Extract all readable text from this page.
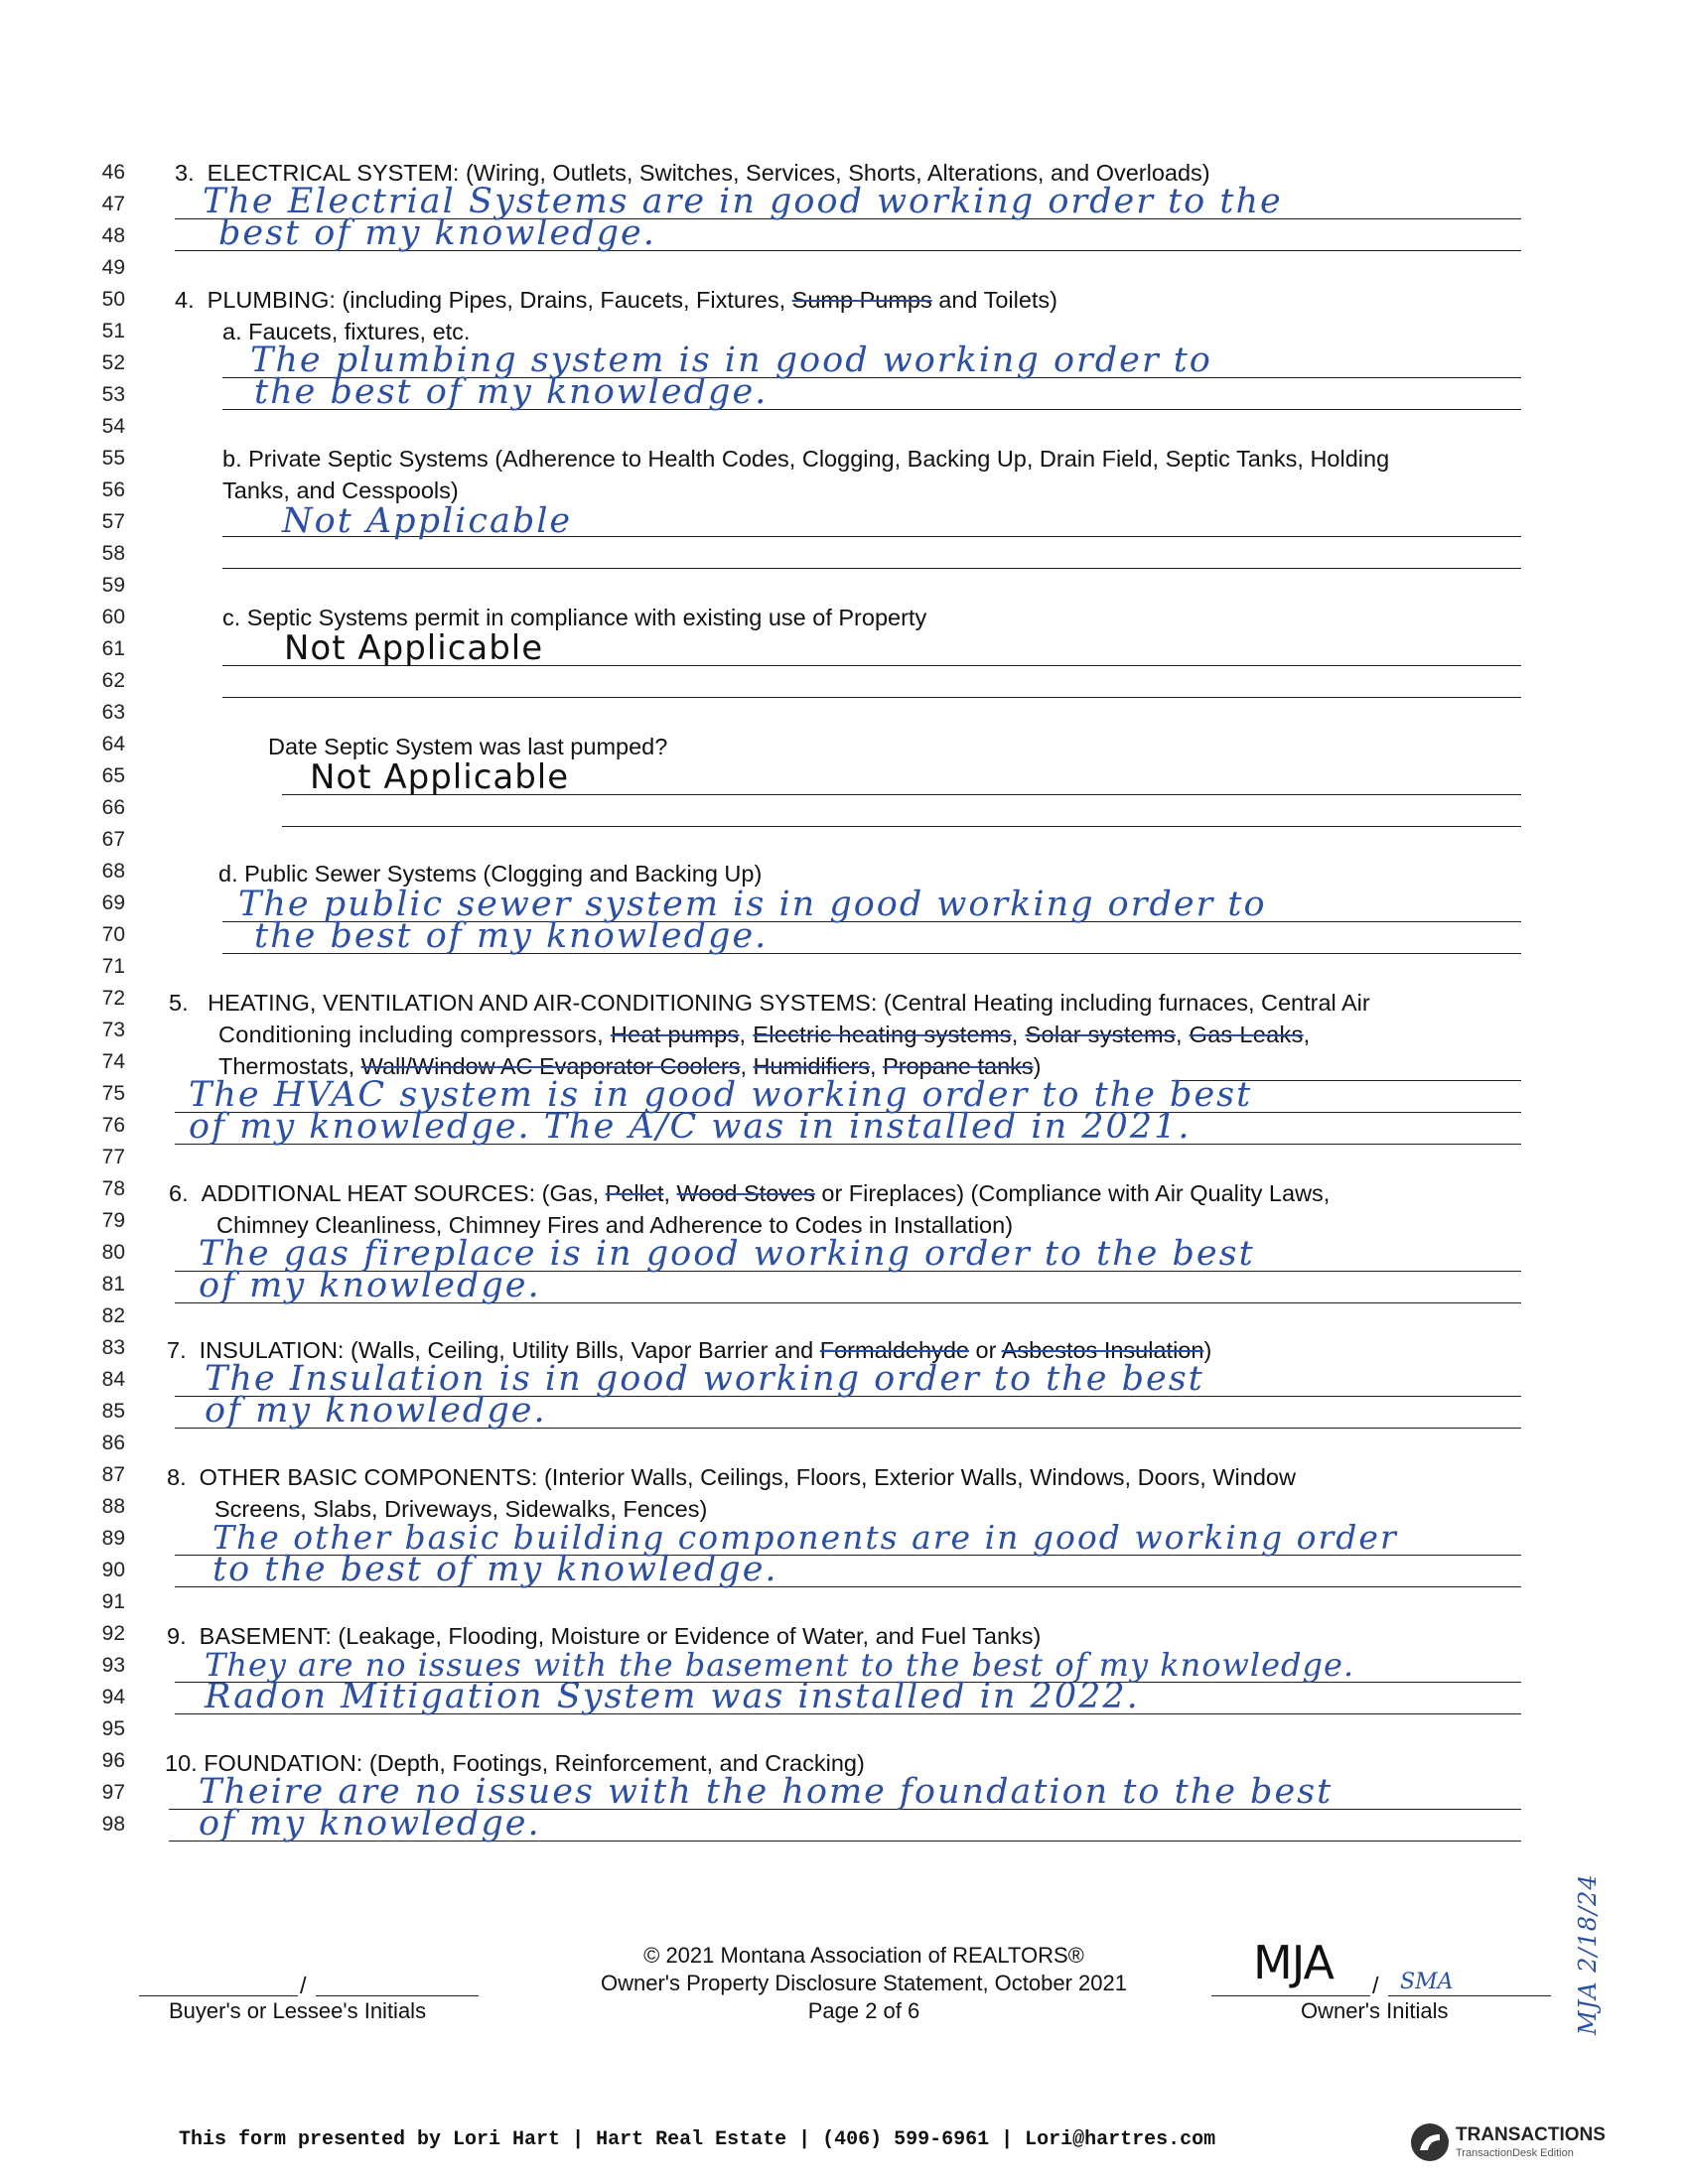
46
47
48
49
50
51
52
53
54
55
56
57
58
59
60
61
62
63
64
65
66
67
68
69
70
71
72
73
74
75
76
77
78
79
80
81
82
83
84
85
86
87
88
89
90
91
92
93
94
95
96
97
98
3.  ELECTRICAL SYSTEM: (Wiring, Outlets, Switches, Services, Shorts, Alterations, and Overloads)
The Electrial Systems are in good working order to the
best of my knowledge.
4.  PLUMBING: (including Pipes, Drains, Faucets, Fixtures, Sump Pumps and Toilets)
a. Faucets, fixtures, etc.
The plumbing system is in good working order to
the best of my knowledge.
b. Private Septic Systems (Adherence to Health Codes, Clogging, Backing Up, Drain Field, Septic Tanks, Holding
Tanks, and Cesspools)
Not Applicable
c. Septic Systems permit in compliance with existing use of Property
Not Applicable
Date Septic System was last pumped?
Not Applicable
d. Public Sewer Systems (Clogging and Backing Up)
The public sewer system is in good working order to
the best of my knowledge.
5.   HEATING, VENTILATION AND AIR-CONDITIONING SYSTEMS: (Central Heating including furnaces, Central Air
Conditioning including compressors, Heat pumps, Electric heating systems, Solar systems, Gas Leaks,
Thermostats, Wall/Window AC Evaporator Coolers, Humidifiers, Propane tanks)
The HVAC system is in good working order to the best
of my knowledge. The A/C was in installed in 2021.
6.  ADDITIONAL HEAT SOURCES: (Gas, Pellet, Wood Stoves or Fireplaces) (Compliance with Air Quality Laws,
Chimney Cleanliness, Chimney Fires and Adherence to Codes in Installation)
The gas fireplace is in good working order to the best
of my knowledge.
7.  INSULATION: (Walls, Ceiling, Utility Bills, Vapor Barrier and Formaldehyde or Asbestos Insulation)
The Insulation is in good working order to the best
of my knowledge.
8.  OTHER BASIC COMPONENTS: (Interior Walls, Ceilings, Floors, Exterior Walls, Windows, Doors, Window
Screens, Slabs, Driveways, Sidewalks, Fences)
The other basic building components are in good working order
to the best of my knowledge.
9.  BASEMENT: (Leakage, Flooding, Moisture or Evidence of Water, and Fuel Tanks)
They are no issues with the basement to the best of my knowledge.
Radon Mitigation System was installed in 2022.
10. FOUNDATION: (Depth, Footings, Reinforcement, and Cracking)
Theire are no issues with the home foundation to the best
of my knowledge.
/
Buyer's or Lessee's Initials
© 2021 Montana Association of REALTORS®
Owner's Property Disclosure Statement, October 2021
Page 2 of 6
MJA / SMA
Owner's Initials
This form presented by Lori Hart | Hart Real Estate | (406) 599-6961 | Lori@hartres.com	TRANSACTIONS
TransactionDesk Edition
MJA 2/18/24
